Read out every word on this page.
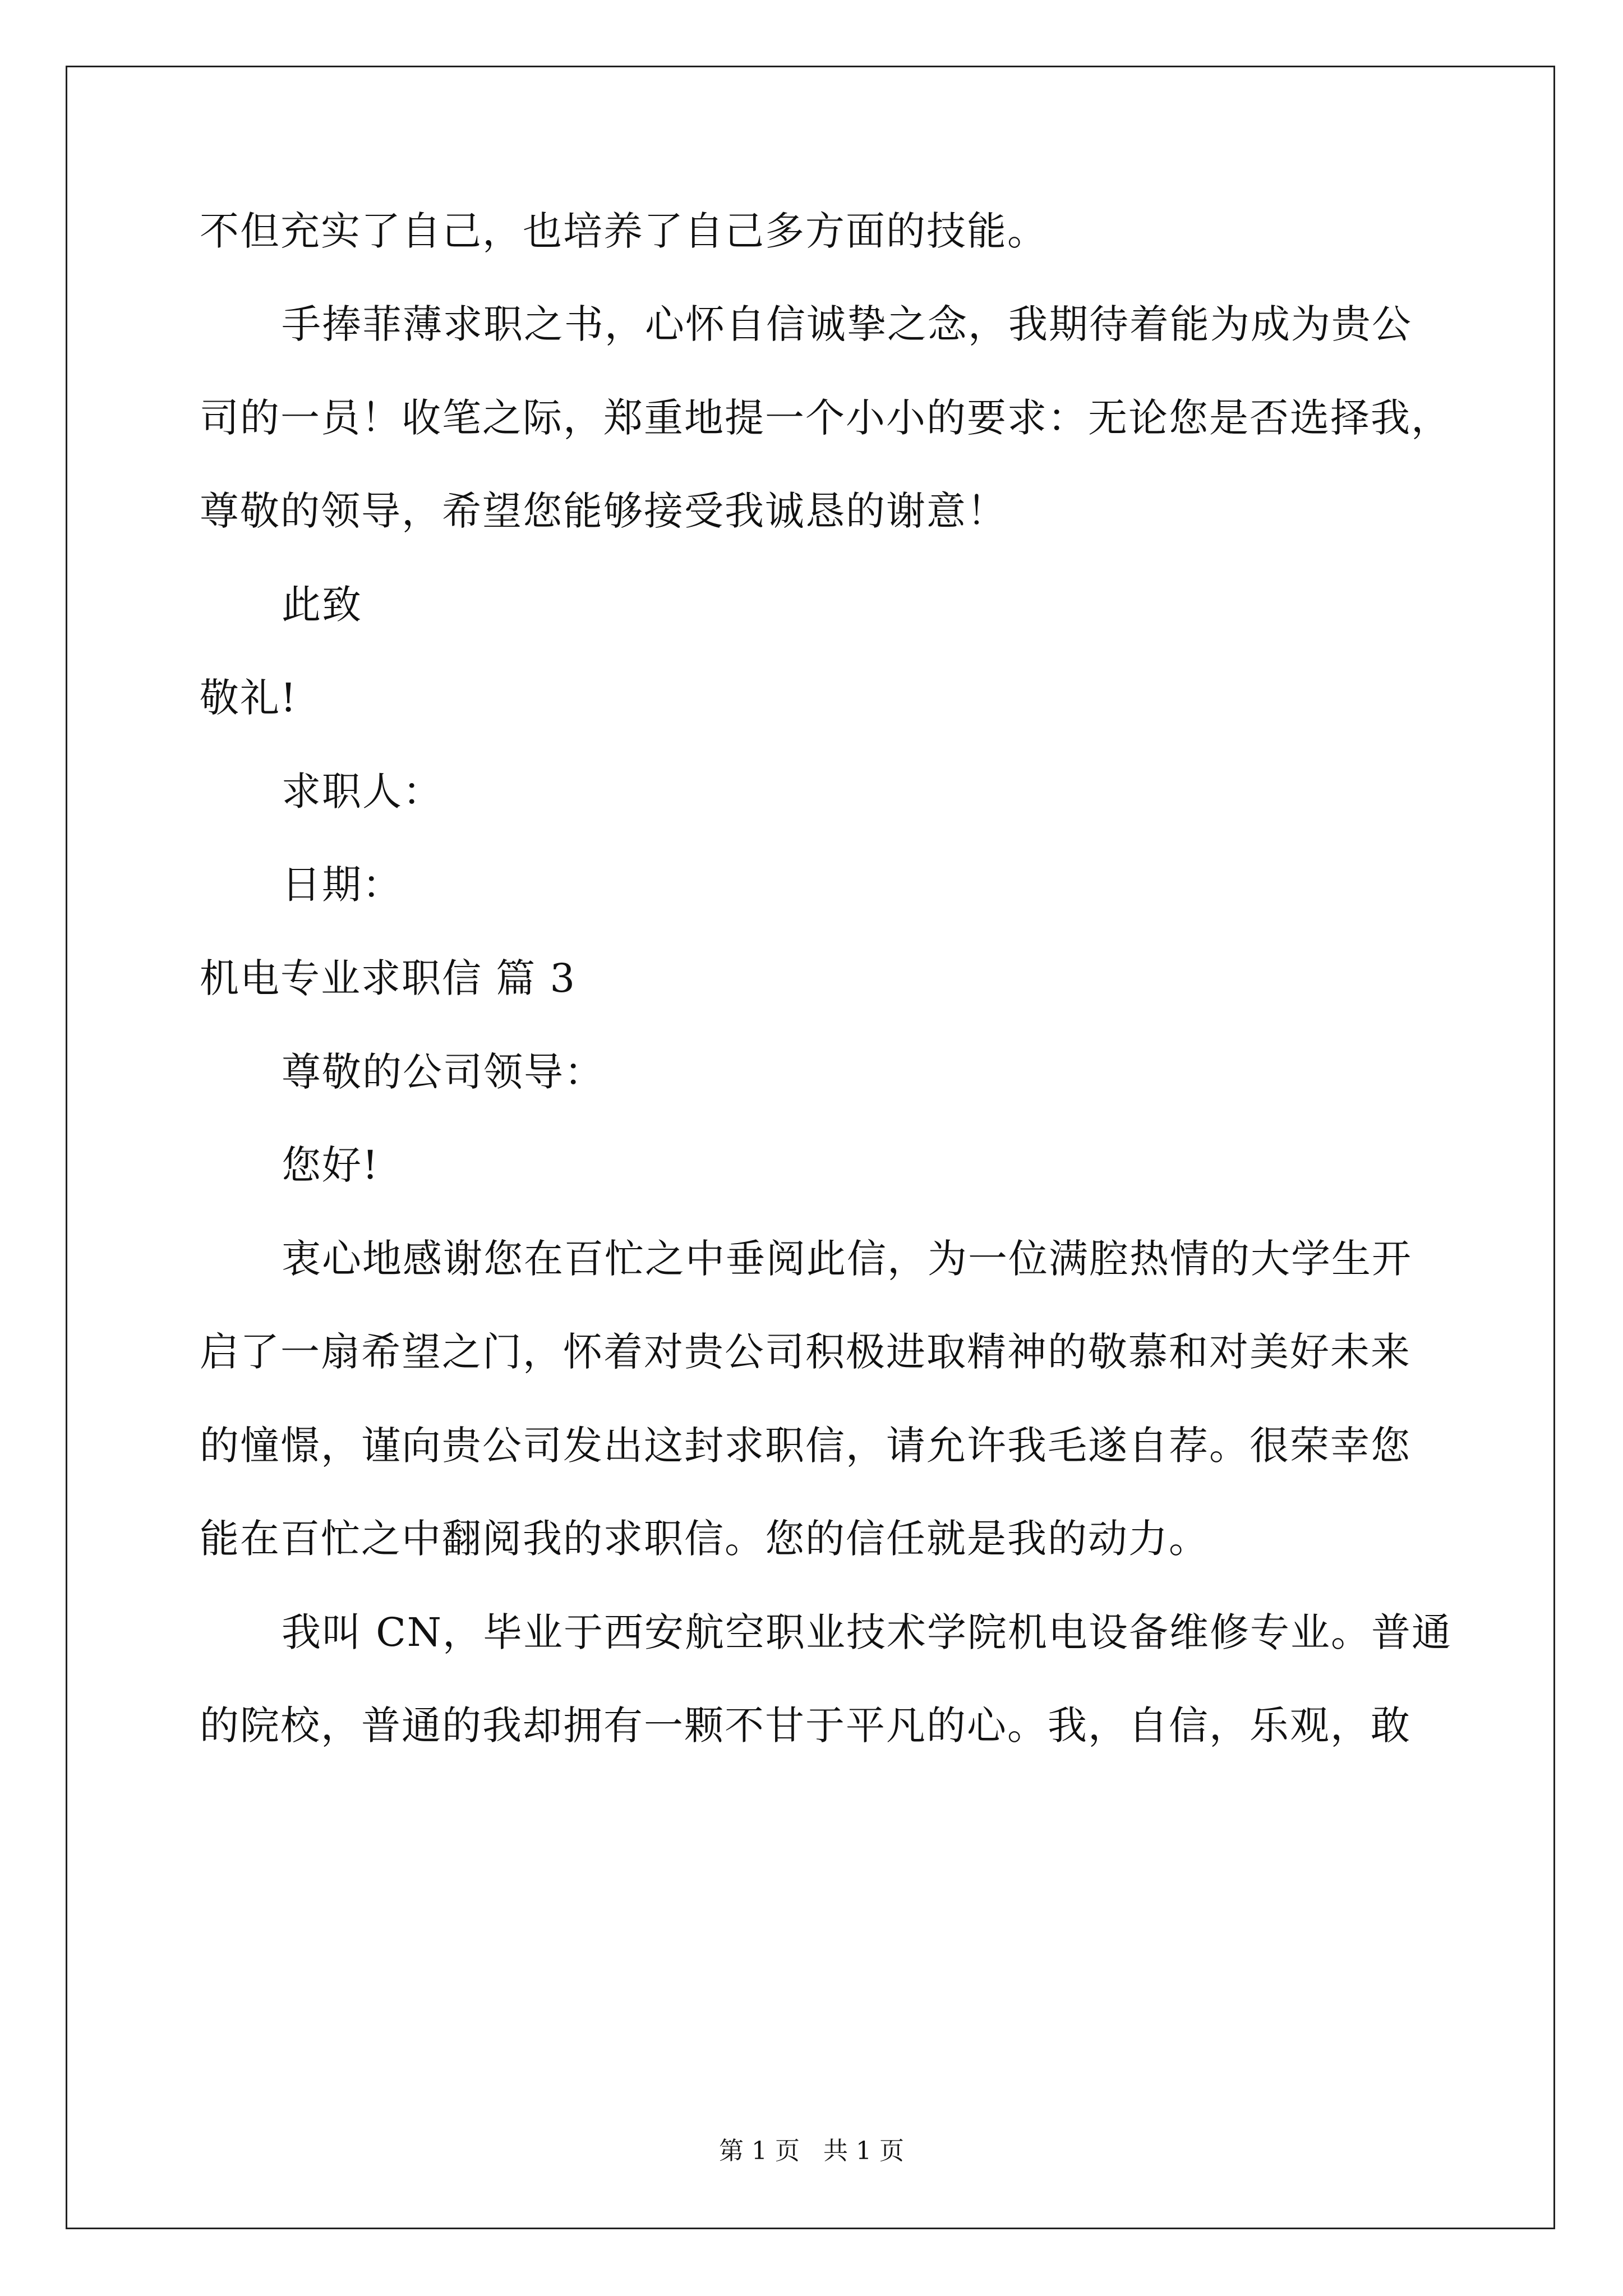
不但充实了自己，也培养了自己多方面的技能。
手捧菲薄求职之书，心怀自信诚挚之念，我期待着能为成为贵公
司的一员！收笔之际，郑重地提一个小小的要求：无论您是否选择我，
尊敬的领导，希望您能够接受我诚恳的谢意！
此致
敬礼!
求职人：
日期：
机电专业求职信 篇 3
尊敬的公司领导：
您好!
衷心地感谢您在百忙之中垂阅此信，为一位满腔热情的大学生开
启了一扇希望之门，怀着对贵公司积极进取精神的敬慕和对美好未来
的憧憬，谨向贵公司发出这封求职信，请允许我毛遂自荐。很荣幸您
能在百忙之中翻阅我的求职信。您的信任就是我的动力。
我叫 CN，毕业于西安航空职业技术学院机电设备维修专业。普通
的院校，普通的我却拥有一颗不甘于平凡的心。我，自信，乐观，敢
第 1 页   共 1 页
